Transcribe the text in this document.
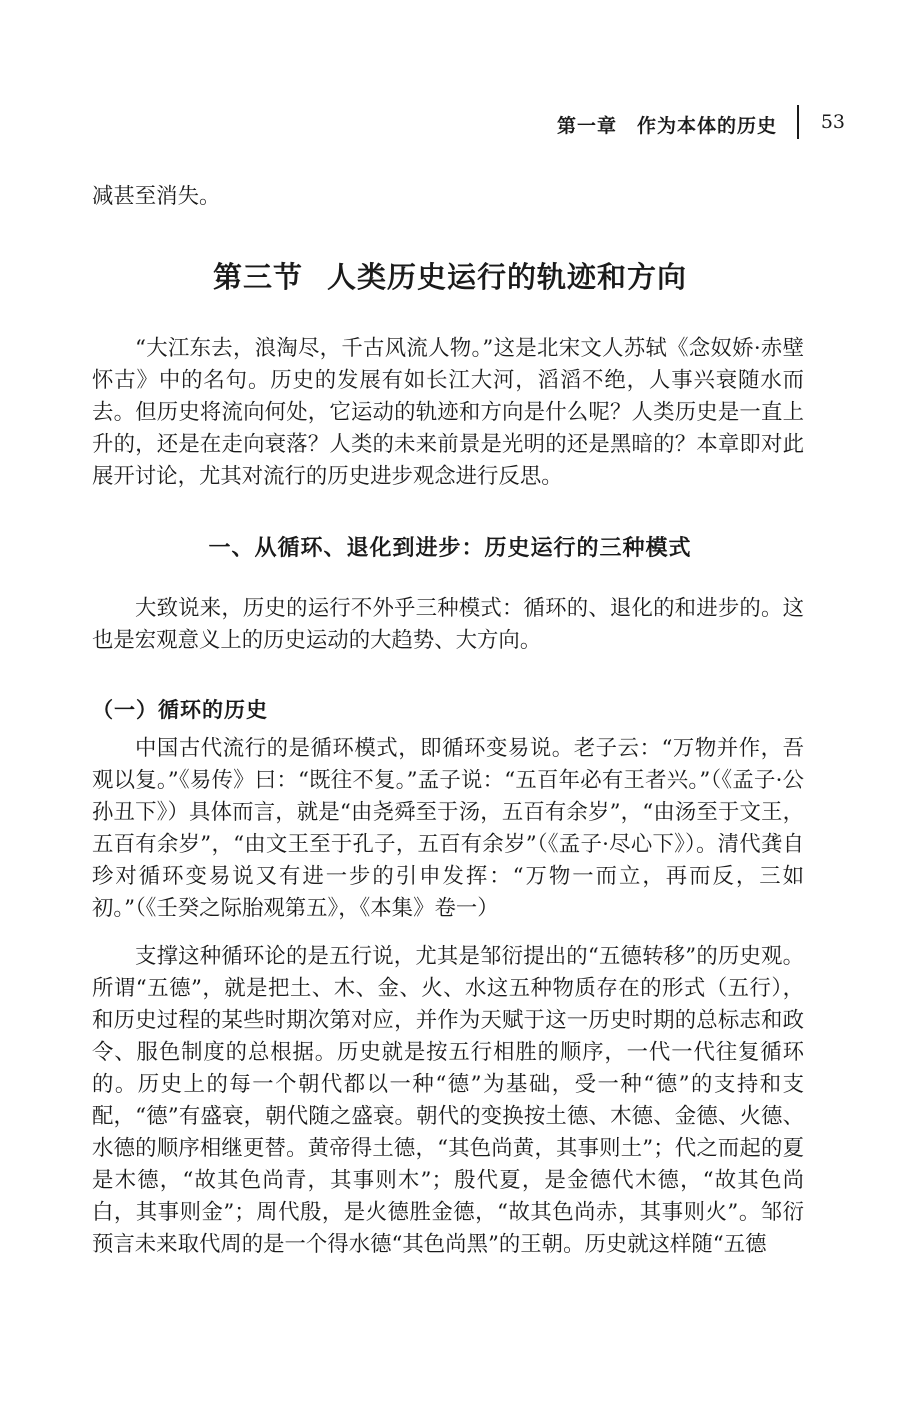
第一章　作为本体的历史 53

减甚至消失。

第三节 人类历史运行的轨迹和方向

“大江东去，浪淘尽，千古风流人物。”这是北宋文人苏轼《念奴娇·赤壁怀古》中的名句。历史的发展有如长江大河，滔滔不绝，人事兴衰随水而去。但历史将流向何处，它运动的轨迹和方向是什么呢？人类历史是一直上升的，还是在走向衰落？人类的未来前景是光明的还是黑暗的？本章即对此展开讨论，尤其对流行的历史进步观念进行反思。

一、从循环、退化到进步：历史运行的三种模式

大致说来，历史的运行不外乎三种模式：循环的、退化的和进步的。这也是宏观意义上的历史运动的大趋势、大方向。

（一）循环的历史

中国古代流行的是循环模式，即循环变易说。老子云：“万物并作，吾观以复。”《易传》曰：“既往不复。”孟子说：“五百年必有王者兴。”（《孟子·公孙丑下》）具体而言，就是“由尧舜至于汤，五百有余岁”，“由汤至于文王，五百有余岁”，“由文王至于孔子，五百有余岁”（《孟子·尽心下》）。清代龚自珍对循环变易说又有进一步的引申发挥：“万物一而立，再而反，三如初。”（《壬癸之际胎观第五》，《本集》卷一）

支撑这种循环论的是五行说，尤其是邹衍提出的“五德转移”的历史观。所谓“五德”，就是把土、木、金、火、水这五种物质存在的形式（五行），和历史过程的某些时期次第对应，并作为天赋于这一历史时期的总标志和政令、服色制度的总根据。历史就是按五行相胜的顺序，一代一代往复循环的。历史上的每一个朝代都以一种“德”为基础，受一种“德”的支持和支配，“德”有盛衰，朝代随之盛衰。朝代的变换按土德、木德、金德、火德、水德的顺序相继更替。黄帝得土德，“其色尚黄，其事则土”；代之而起的夏是木德，“故其色尚青，其事则木”；殷代夏，是金德代木德，“故其色尚白，其事则金”；周代殷，是火德胜金德，“故其色尚赤，其事则火”。邹衍预言未来取代周的是一个得水德“其色尚黑”的王朝。历史就这样随“五德
